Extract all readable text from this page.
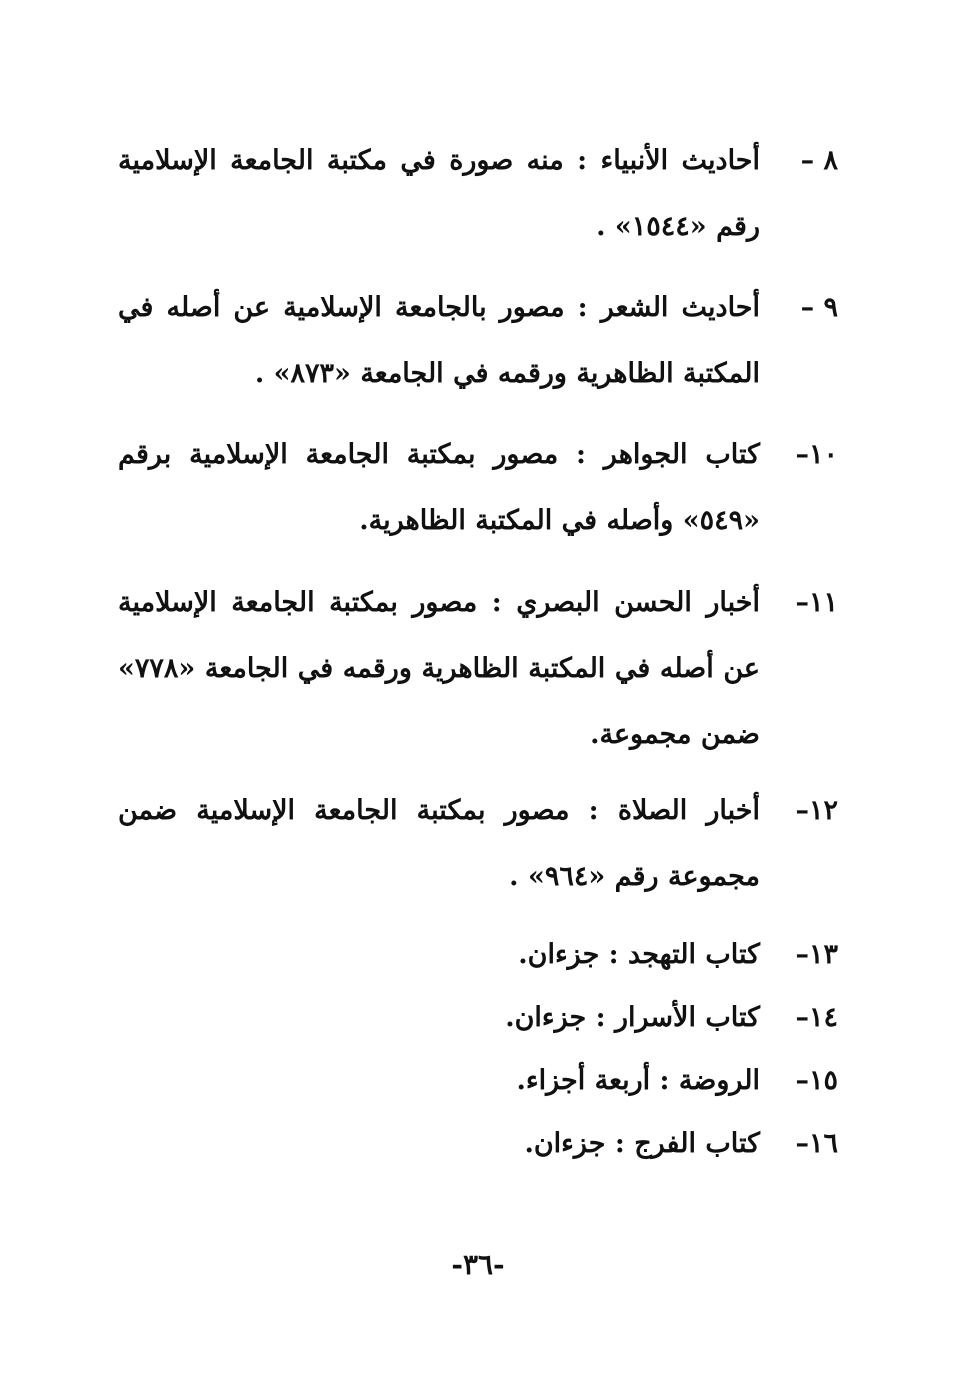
٨ –
أحاديث الأنبياء : منه صورة في مكتبة الجامعة الإسلامية رقم «١٥٤٤» .
٩ –
أحاديث الشعر : مصور بالجامعة الإسلامية عن أصله في المكتبة الظاهرية ورقمه في الجامعة «٨٧٣» .
١٠–
كتاب الجواهر : مصور بمكتبة الجامعة الإسلامية برقم «٥٤٩» وأصله في المكتبة الظاهرية.
١١–
أخبار الحسن البصري : مصور بمكتبة الجامعة الإسلامية عن أصله في المكتبة الظاهرية ورقمه في الجامعة «٧٧٨» ضمن مجموعة.
١٢–
أخبار الصلاة : مصور بمكتبة الجامعة الإسلامية ضمن مجموعة رقم «٩٦٤» .
١٣–
كتاب التهجد : جزءان.
١٤–
كتاب الأسرار : جزءان.
١٥–
الروضة : أربعة أجزاء.
١٦–
كتاب الفرج : جزءان.
-٣٦-
